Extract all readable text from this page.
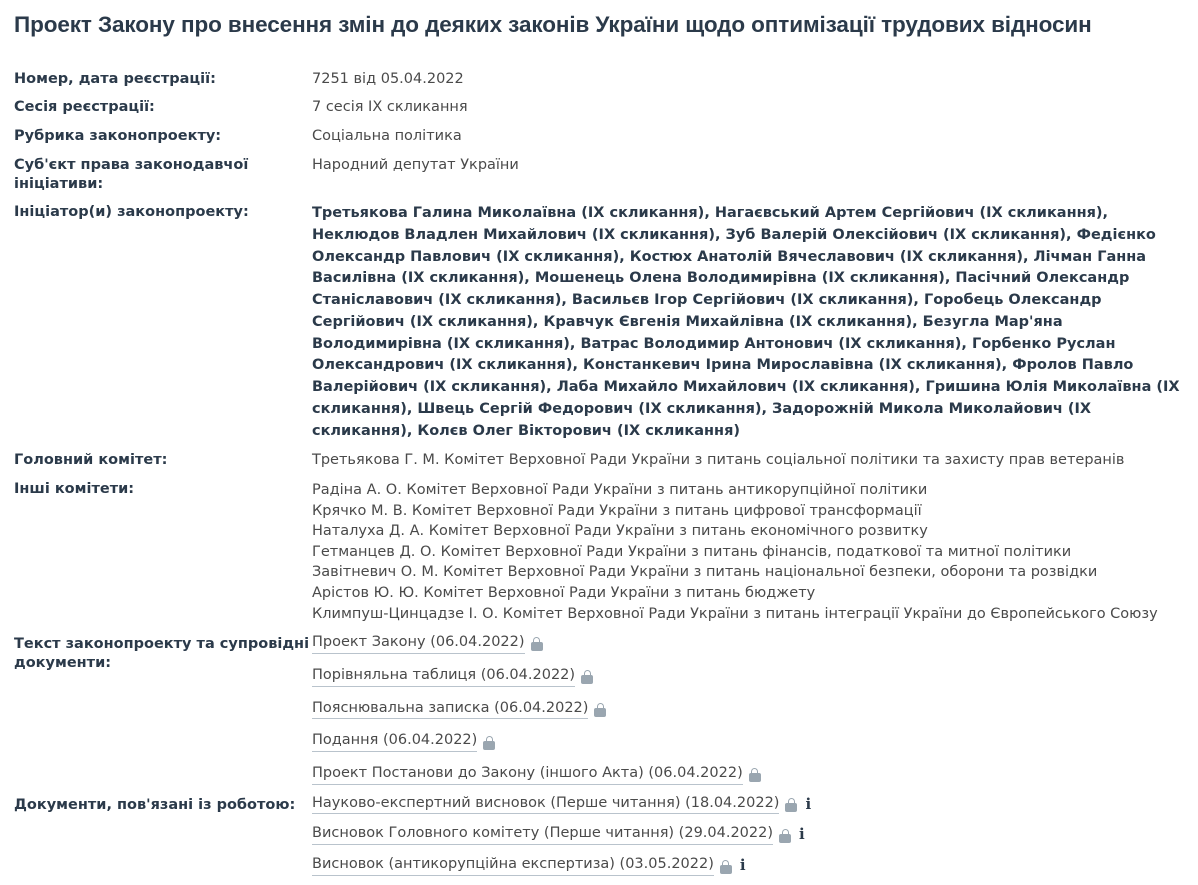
Проект Закону про внесення змін до деяких законів України щодо оптимізації трудових відносин
Номер, дата реєстрації:	7251 від 05.04.2022
Сесія реєстрації:	7 сесія IX скликання
Рубрика законопроекту:	Соціальна політика
Суб'єкт права законодавчої ініціативи:	Народний депутат України
Ініціатор(и) законопроекту:	Третьякова Галина Миколаївна (IX скликання), Нагаєвський Артем Сергійович (IX скликання), Неклюдов Владлен Михайлович (IX скликання), Зуб Валерій Олексійович (IX скликання), Федієнко Олександр Павлович (IX скликання), Костюх Анатолій Вячеславович (IX скликання), Лічман Ганна Василівна (IX скликання), Мошенець Олена Володимирівна (IX скликання), Пасічний Олександр Станіславович (IX скликання), Васильєв Ігор Сергійович (IX скликання), Горобець Олександр Сергійович (IX скликання), Кравчук Євгенія Михайлівна (IX скликання), Безугла Мар'яна Володимирівна (IX скликання), Ватрас Володимир Антонович (IX скликання), Горбенко Руслан Олександрович (IX скликання), Констанкевич Ірина Мирославівна (IX скликання), Фролов Павло Валерійович (IX скликання), Лаба Михайло Михайлович (IX скликання), Гришина Юлія Миколаївна (IX скликання), Швець Сергій Федорович (IX скликання), Задорожній Микола Миколайович (IX скликання), Колєв Олег Вікторович (IX скликання)
Головний комітет:	Третьякова Г. М. Комітет Верховної Ради України з питань соціальної політики та захисту прав ветеранів
Інші комітети:	Радіна А. О. Комітет Верховної Ради України з питань антикорупційної політики
Крячко М. В. Комітет Верховної Ради України з питань цифрової трансформації
Наталуха Д. А. Комітет Верховної Ради України з питань економічного розвитку
Гетманцев Д. О. Комітет Верховної Ради України з питань фінансів, податкової та митної політики
Завітневич О. М. Комітет Верховної Ради України з питань національної безпеки, оборони та розвідки
Арістов Ю. Ю. Комітет Верховної Ради України з питань бюджету
Климпуш-Цинцадзе І. О. Комітет Верховної Ради України з питань інтеграції України до Європейського Союзу

Текст законопроекту та супровідні документи:	Проект Закону (06.04.2022)
Порівняльна таблиця (06.04.2022)
Пояснювальна записка (06.04.2022)
Подання (06.04.2022)
Проект Постанови до Закону (іншого Акта) (06.04.2022)

Документи, пов'язані із роботою:	Науково-експертний висновок (Перше читання) (18.04.2022) i
Висновок Головного комітету (Перше читання) (29.04.2022) i
Висновок (антикорупційна експертиза) (03.05.2022) i
